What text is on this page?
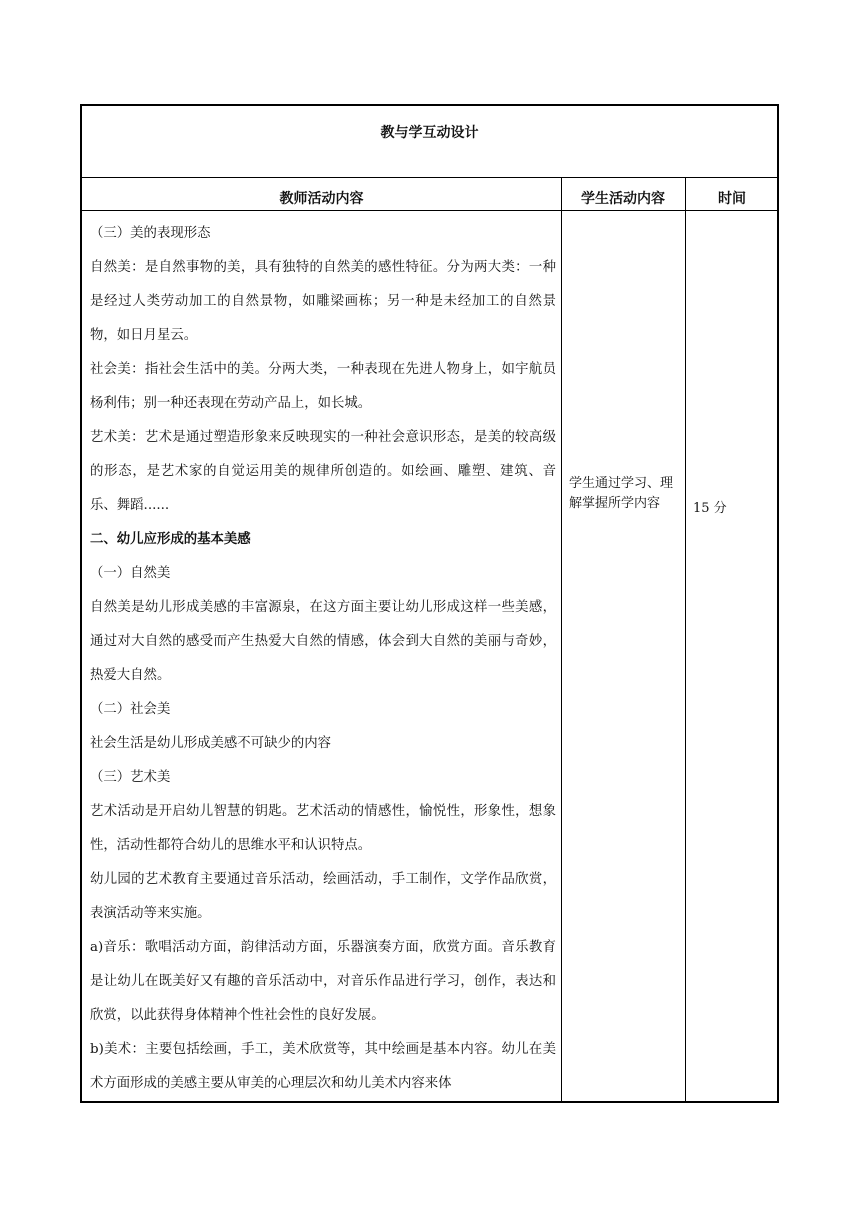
教与学互动设计
教师活动内容	学生活动内容	时间

（三）美的表现形态

自然美：是自然事物的美，具有独特的自然美的感性特征。分为两大类：一种是经过人类劳动加工的自然景物，如雕梁画栋；另一种是未经加工的自然景物，如日月星云。

社会美：指社会生活中的美。分两大类，一种表现在先进人物身上，如宇航员杨利伟；别一种还表现在劳动产品上，如长城。

艺术美：艺术是通过塑造形象来反映现实的一种社会意识形态，是美的较高级的形态，是艺术家的自觉运用美的规律所创造的。如绘画、雕塑、建筑、音乐、舞蹈......

二、幼儿应形成的基本美感

（一）自然美

自然美是幼儿形成美感的丰富源泉，在这方面主要让幼儿形成这样一些美感，通过对大自然的感受而产生热爱大自然的情感，体会到大自然的美丽与奇妙，热爱大自然。

（二）社会美

社会生活是幼儿形成美感不可缺少的内容

（三）艺术美

艺术活动是开启幼儿智慧的钥匙。艺术活动的情感性，愉悦性，形象性，想象性，活动性都符合幼儿的思维水平和认识特点。

幼儿园的艺术教育主要通过音乐活动，绘画活动，手工制作，文学作品欣赏，表演活动等来实施。

a)音乐：歌唱活动方面，韵律活动方面，乐器演奏方面，欣赏方面。音乐教育是让幼儿在既美好又有趣的音乐活动中，对音乐作品进行学习，创作，表达和欣赏，以此获得身体精神个性社会性的良好发展。

b)美术：主要包括绘画，手工，美术欣赏等，其中绘画是基本内容。幼儿在美术方面形成的美感主要从审美的心理层次和幼儿美术内容来体

学生通过学习、理解掌握所学内容	15 分
